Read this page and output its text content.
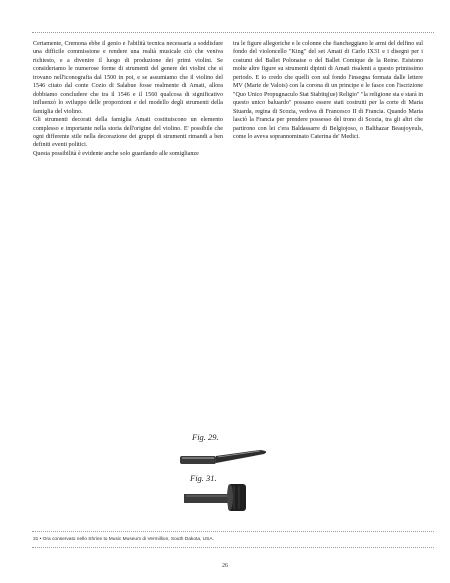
Certamente, Cremona ebbe il genio e l'abilità tecnica necessaria a soddisfare una difficile commissione e rendere una realtà musicale ciò che veniva richiesto, e a divenire il luogo di produzione dei primi violini. Se consideriamo le numerose forme di strumenti del genere dei violini che si trovano nell'iconografia dal 1500 in poi, e se assumiamo che il violino del 1546 citato dal conte Cozio di Salabue fosse realmente di Amati, allora dobbiamo concludere che tra il 1546 e il 1560 qualcosa di significativo influenzò lo sviluppo delle proporzioni e del modello degli strumenti della famiglia del violino.

Gli strumenti decorati della famiglia Amati costituiscono un elemento complesso e importante nella storia dell'origine del violino. E' possibile che ogni differente stile nella decorazione dei gruppi di strumenti rimandi a ben definiti eventi politici.

Questa possibilità è evidente anche solo guardando alle somiglianze

tra le figure allegoriche e le colonne che fiancheggiano le armi del delfino sul fondo del violoncello "King" del set Amati di Carlo IX31 e i disegni per i costumi del Ballet Polonaise o del Ballet Comique de la Reine. Esistono molte altre figure su strumenti dipinti di Amati risalenti a questo primissimo periodo. E io credo che quelli con sul fondo l'insegna formata dalle lettere MV (Marie de Valois) con la corona di un principe e le fasce con l'iscrizione "Quo Unico Propugnaculo Stat Stabitq(ue) Religio" "la religione sta e starà in questo unico baluardo" possano essere stati costruiti per la corte di Maria Stuarda, regina di Scozia, vedova di Francesco II di Francia. Quando Maria lasciò la Francia per prendere possesso del trono di Scozia, tra gli altri che partirono con lei c'era Baldassarre di Belgiojoso, o Balthazar Beaujoyeuls, come lo aveva soprannominato Caterina de' Medici.

Fig. 29.
Fig. 31.
31 • Ora conservato nello Shrine to Music Museum di Vermillion, South Dakota, USA.
26
